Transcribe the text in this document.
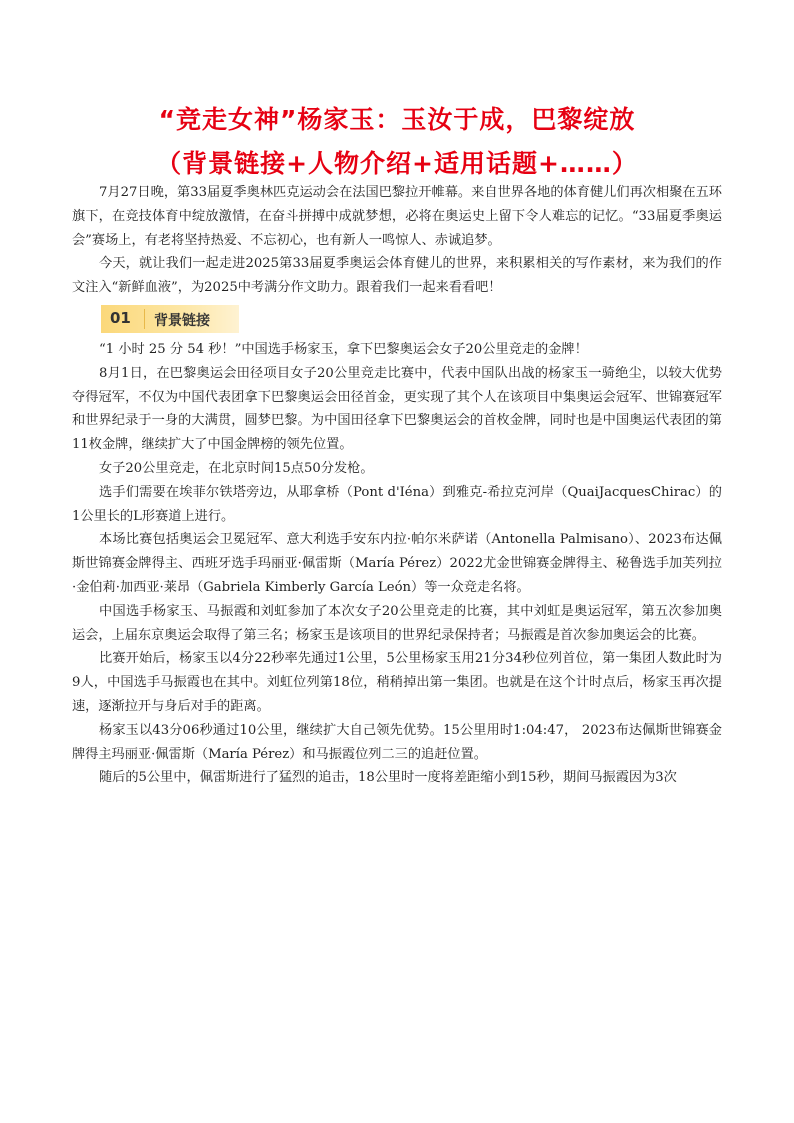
“竞走女神”杨家玉：玉汝于成，巴黎绽放
（背景链接+人物介绍+适用话题+……）

7月27日晚，第33届夏季奥林匹克运动会在法国巴黎拉开帷幕。来自世界各地的体育健儿们再次相聚在五环旗下，在竞技体育中绽放激情，在奋斗拼搏中成就梦想，必将在奥运史上留下令人难忘的记忆。“33届夏季奥运会”赛场上，有老将坚持热爱、不忘初心，也有新人一鸣惊人、赤诚追梦。

今天，就让我们一起走进2025第33届夏季奥运会体育健儿的世界，来积累相关的写作素材，来为我们的作文注入“新鲜血液”，为2025中考满分作文助力。跟着我们一起来看看吧！

01 背景链接

“1 小时 25 分 54 秒！”中国选手杨家玉，拿下巴黎奥运会女子20公里竞走的金牌！

8月1日，在巴黎奥运会田径项目女子20公里竞走比赛中，代表中国队出战的杨家玉一骑绝尘，以较大优势夺得冠军，不仅为中国代表团拿下巴黎奥运会田径首金，更实现了其个人在该项目中集奥运会冠军、世锦赛冠军和世界纪录于一身的大满贯，圆梦巴黎。为中国田径拿下巴黎奥运会的首枚金牌，同时也是中国奥运代表团的第11枚金牌，继续扩大了中国金牌榜的领先位置。

女子20公里竞走，在北京时间15点50分发枪。

选手们需要在埃菲尔铁塔旁边，从耶拿桥（Pont d'Iéna）到雅克-希拉克河岸（QuaiJacquesChirac）的1公里长的L形赛道上进行。

本场比赛包括奥运会卫冕冠军、意大利选手安东内拉·帕尔米萨诺（Antonella Palmisano）、2023布达佩斯世锦赛金牌得主、西班牙选手玛丽亚·佩雷斯（María Pérez）2022尤金世锦赛金牌得主、秘鲁选手加芙列拉·金伯莉·加西亚·莱昂（Gabriela Kimberly García León）等一众竞走名将。

中国选手杨家玉、马振霞和刘虹参加了本次女子20公里竞走的比赛，其中刘虹是奥运冠军，第五次参加奥运会，上届东京奥运会取得了第三名；杨家玉是该项目的世界纪录保持者；马振霞是首次参加奥运会的比赛。

比赛开始后，杨家玉以4分22秒率先通过1公里，5公里杨家玉用21分34秒位列首位，第一集团人数此时为9人，中国选手马振霞也在其中。刘虹位列第18位，稍稍掉出第一集团。也就是在这个计时点后，杨家玉再次提速，逐渐拉开与身后对手的距离。

杨家玉以43分06秒通过10公里，继续扩大自己领先优势。15公里用时1:04:47， 2023布达佩斯世锦赛金牌得主玛丽亚·佩雷斯（María Pérez）和马振霞位列二三的追赶位置。

随后的5公里中，佩雷斯进行了猛烈的追击，18公里时一度将差距缩小到15秒，期间马振霞因为3次
